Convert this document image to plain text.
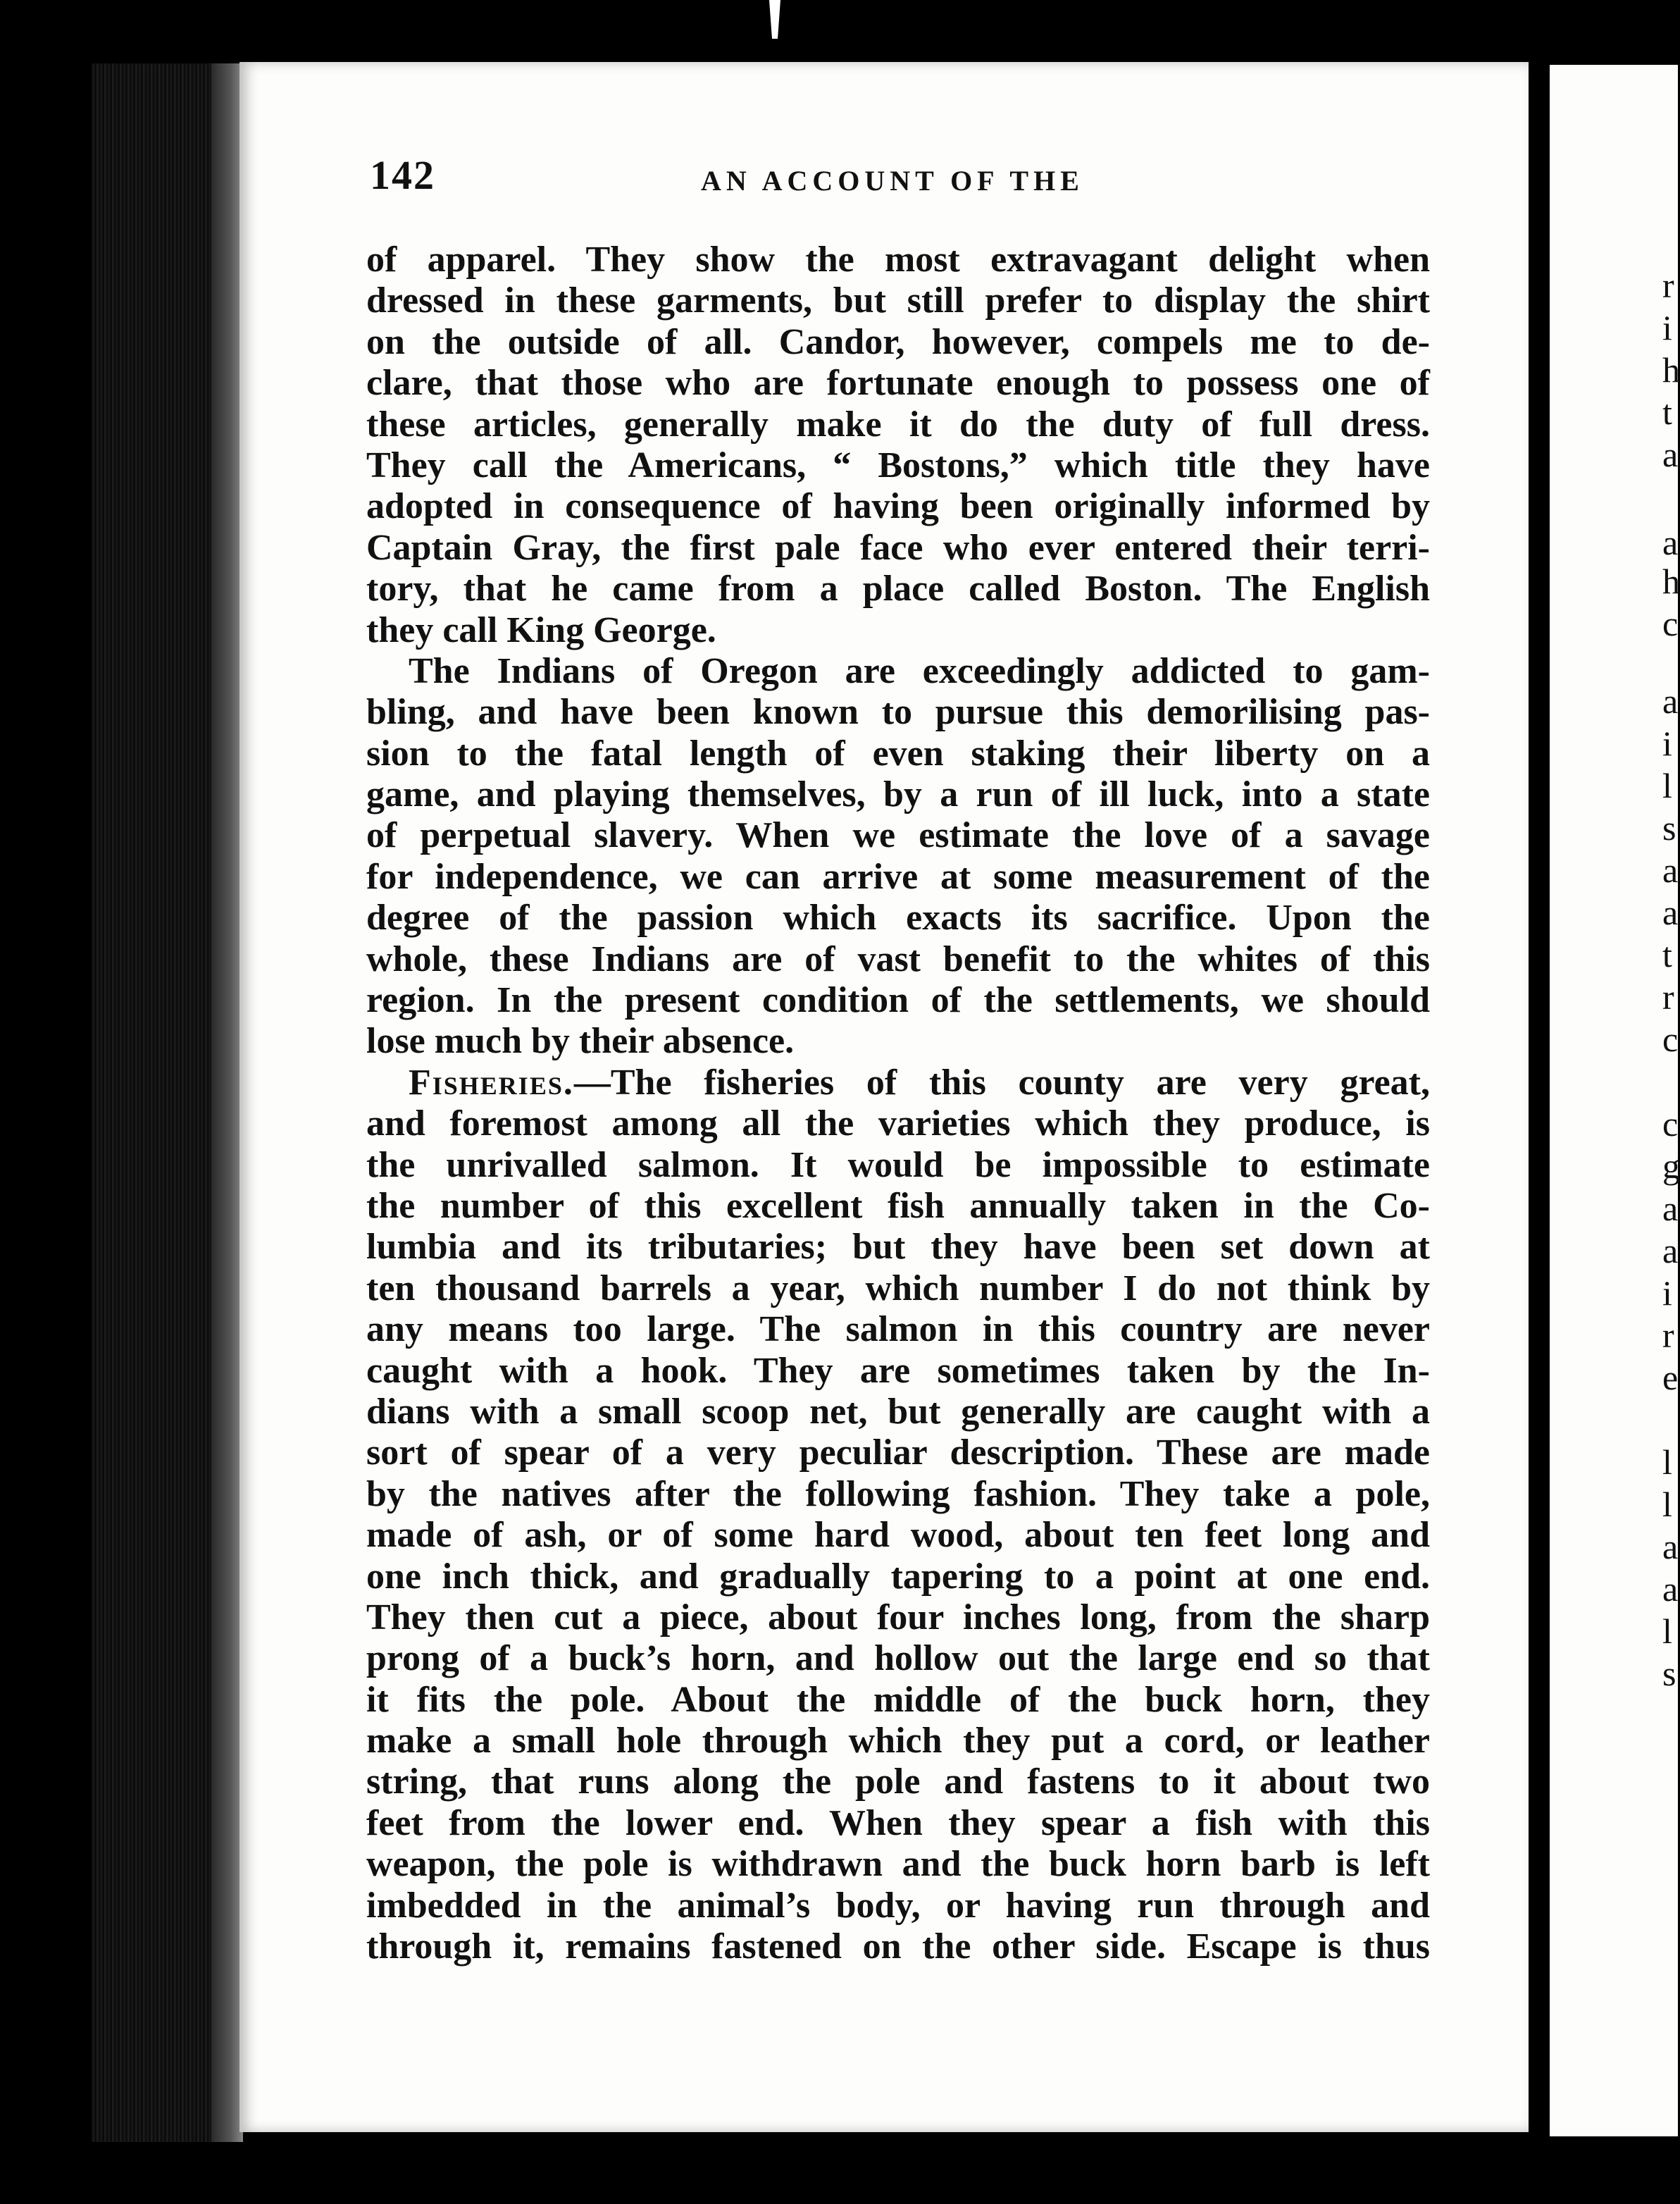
142	AN ACCOUNT OF THE
of apparel. They show the most extravagant delight when
dressed in these garments, but still prefer to display the shirt
on the outside of all. Candor, however, compels me to de-
clare, that those who are fortunate enough to possess one of
these articles, generally make it do the duty of full dress.
They call the Americans, “ Bostons,” which title they have
adopted in consequence of having been originally informed by
Captain Gray, the first pale face who ever entered their terri-
tory, that he came from a place called Boston. The English
they call King George.
The Indians of Oregon are exceedingly addicted to gam-
bling, and have been known to pursue this demorilising pas-
sion to the fatal length of even staking their liberty on a
game, and playing themselves, by a run of ill luck, into a state
of perpetual slavery. When we estimate the love of a savage
for independence, we can arrive at some measurement of the
degree of the passion which exacts its sacrifice. Upon the
whole, these Indians are of vast benefit to the whites of this
region. In the present condition of the settlements, we should
lose much by their absence.
Fisheries.—The fisheries of this county are very great,
and foremost among all the varieties which they produce, is
the unrivalled salmon. It would be impossible to estimate
the number of this excellent fish annually taken in the Co-
lumbia and its tributaries; but they have been set down at
ten thousand barrels a year, which number I do not think by
any means too large. The salmon in this country are never
caught with a hook. They are sometimes taken by the In-
dians with a small scoop net, but generally are caught with a
sort of spear of a very peculiar description. These are made
by the natives after the following fashion. They take a pole,
made of ash, or of some hard wood, about ten feet long and
one inch thick, and gradually tapering to a point at one end.
They then cut a piece, about four inches long, from the sharp
prong of a buck’s horn, and hollow out the large end so that
it fits the pole. About the middle of the buck horn, they
make a small hole through which they put a cord, or leather
string, that runs along the pole and fastens to it about two
feet from the lower end. When they spear a fish with this
weapon, the pole is withdrawn and the buck horn barb is left
imbedded in the animal’s body, or having run through and
through it, remains fastened on the other side. Escape is thus
r
i
h
t
a
a
h
c
a
i
l
s
a
a
t
r
c
c
g
a
a
i
r
e
l
l
a
a
l
s
